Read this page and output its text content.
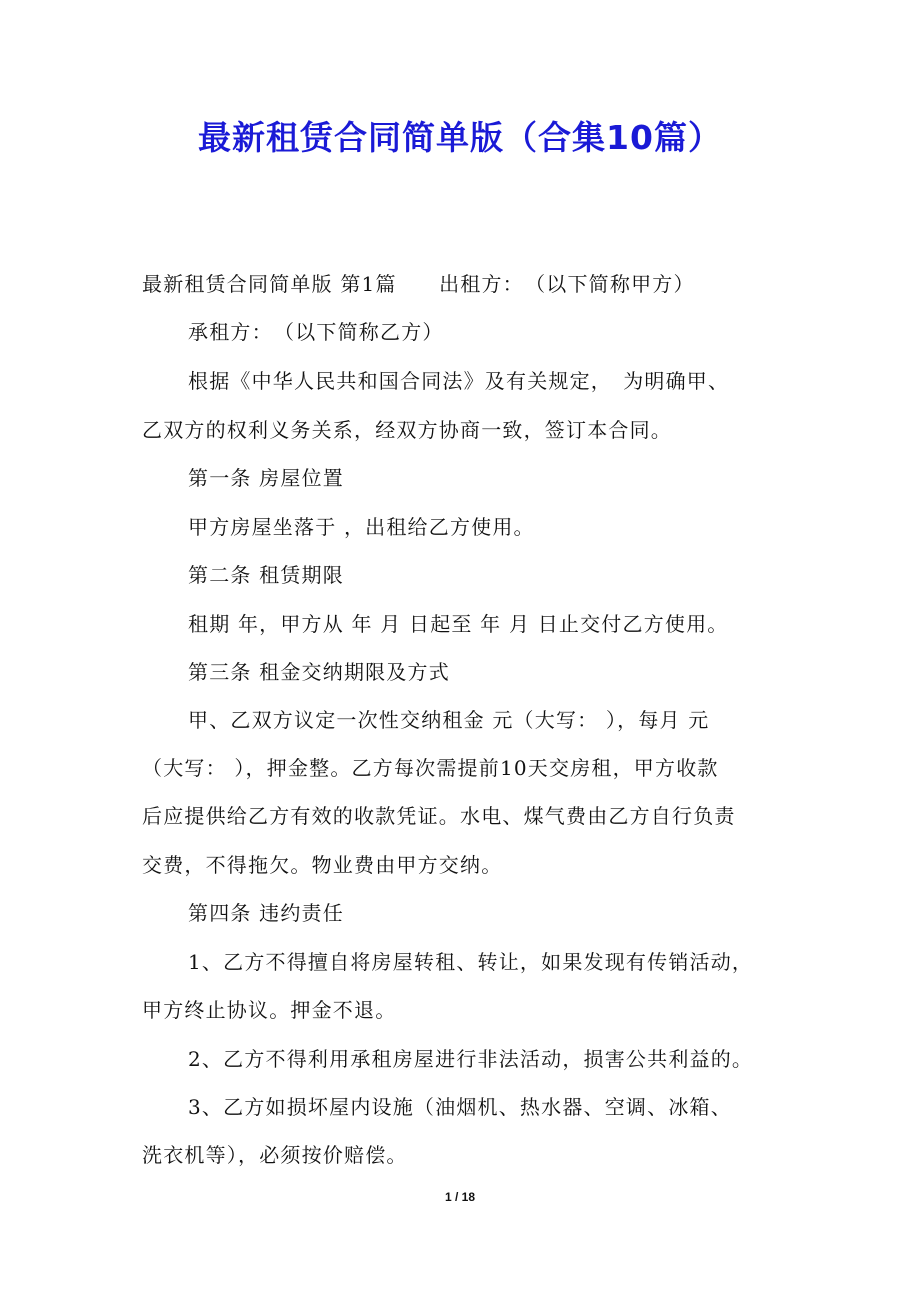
最新租赁合同简单版（合集10篇）
最新租赁合同简单版 第1篇　　出租方：　（以下简称甲方）
承租方：　（以下简称乙方）
根据《中华人民共和国合同法》及有关规定，　为明确甲、
乙双方的权利义务关系，经双方协商一致，签订本合同。
第一条 房屋位置
甲方房屋坐落于 ，出租给乙方使用。
第二条 租赁期限
租期 年，甲方从 年 月 日起至 年 月 日止交付乙方使用。
第三条 租金交纳期限及方式
甲、乙双方议定一次性交纳租金 元（大写： ），每月 元
（大写： ），押金整。乙方每次需提前10天交房租，甲方收款
后应提供给乙方有效的收款凭证。水电、煤气费由乙方自行负责
交费，不得拖欠。物业费由甲方交纳。
第四条 违约责任
1、乙方不得擅自将房屋转租、转让，如果发现有传销活动，
甲方终止协议。押金不退。
2、乙方不得利用承租房屋进行非法活动，损害公共利益的。
3、乙方如损坏屋内设施（油烟机、热水器、空调、冰箱、
洗衣机等），必须按价赔偿。
1 / 18
